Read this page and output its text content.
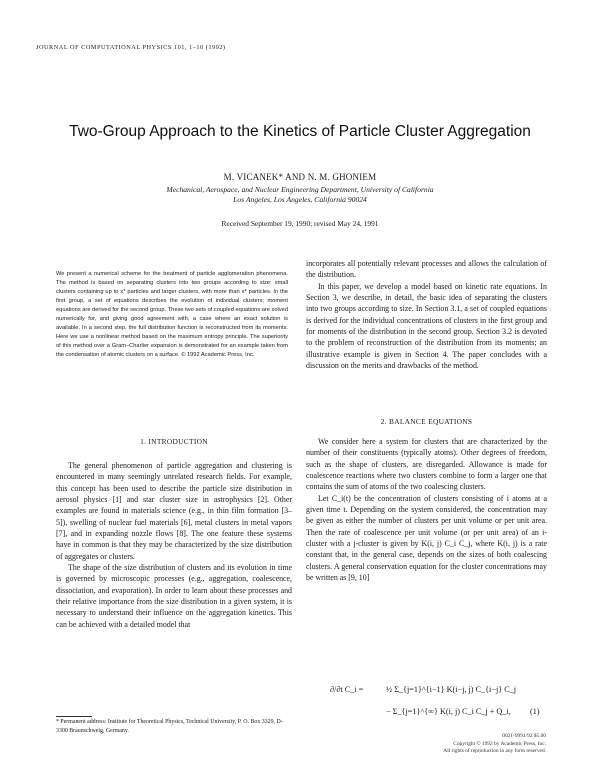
JOURNAL OF COMPUTATIONAL PHYSICS 101, 1–10 (1992)
Two-Group Approach to the Kinetics of Particle Cluster Aggregation
M. VICANEK* AND N. M. GHONIEM
Mechanical, Aerospace, and Nuclear Engineering Department, University of California
Los Angeles, Los Angeles, California 90024
Received September 19, 1990; revised May 24, 1991
We present a numerical scheme for the treatment of particle agglomeration phenomena. The method is based on separating clusters into two groups according to size: small clusters containing up to x* particles and larger clusters, with more than x* particles. In the first group, a set of equations describes the evolution of individual clusters; moment equations are derived for the second group. These two sets of coupled equations are solved numerically for, and giving good agreement with, a case where an exact solution is available. In a second step, the full distribution function is reconstructed from its moments. Here we use a nonlinear method based on the maximum entropy principle. The superiority of this method over a Gram–Charlier expansion is demonstrated for an example taken from the condensation of atomic clusters on a surface. © 1992 Academic Press, Inc.
1. INTRODUCTION

The general phenomenon of particle aggregation and clustering is encountered in many seemingly unrelated research fields. For example, this concept has been used to describe the particle size distribution in aerosol physics [1] and star cluster size in astrophysics [2]. Other examples are found in materials science (e.g., in thin film formation [3–5]), swelling of nuclear fuel materials [6], metal clusters in metal vapors [7], and in expanding nozzle flows [8]. The one feature these systems have in common is that they may be characterized by the size distribution of aggregates or clusters.

The shape of the size distribution of clusters and its evolution in time is governed by microscopic processes (e.g., aggregation, coalescence, dissociation, and evaporation). In order to learn about these processes and their relative importance from the size distribution in a given system, it is necessary to understand their influence on the aggregation kinetics. This can be achieved with a detailed model that

* Permanent address: Institute for Theoretical Physics, Technical University, P. O. Box 3329, D-3300 Braunschweig, Germany.

incorporates all potentially relevant processes and allows the calculation of the distribution.

In this paper, we develop a model based on kinetic rate equations. In Section 3, we describe, in detail, the basic idea of separating the clusters into two groups according to size. In Section 3.1, a set of coupled equations is derived for the individual concentrations of clusters in the first group and for moments of the distribution in the second group. Section 3.2 is devoted to the problem of reconstruction of the distribution from its moments; an illustrative example is given in Section 4. The paper concludes with a discussion on the merits and drawbacks of the method.

2. BALANCE EQUATIONS

We consider here a system for clusters that are characterized by the number of their constituents (typically atoms). Other degrees of freedom, such as the shape of clusters, are disregarded. Allowance is made for coalescence reactions where two clusters combine to form a larger one that contains the sum of atoms of the two coalescing clusters.

Let C_i(t) be the concentration of clusters consisting of i atoms at a given time t. Depending on the system considered, the concentration may be given as either the number of clusters per unit volume or per unit area. Then the rate of coalescence per unit volume (or per unit area) of an i-cluster with a j-cluster is given by K(i, j) C_i C_j, where K(i, j) is a rate constant that, in the general case, depends on the sizes of both coalescing clusters. A general conservation equation for the cluster concentrations may be written as [9, 10]

∂/∂t C_i =	½ Σ_{j=1}^{i−1} K(i−j, j) C_{i−j} C_j
− Σ_{j=1}^{∞} K(i, j) C_i C_j + Q_i, (1)
0021-9991/92 $5.00
Copyright © 1992 by Academic Press, Inc.
All rights of reproduction in any form reserved.
